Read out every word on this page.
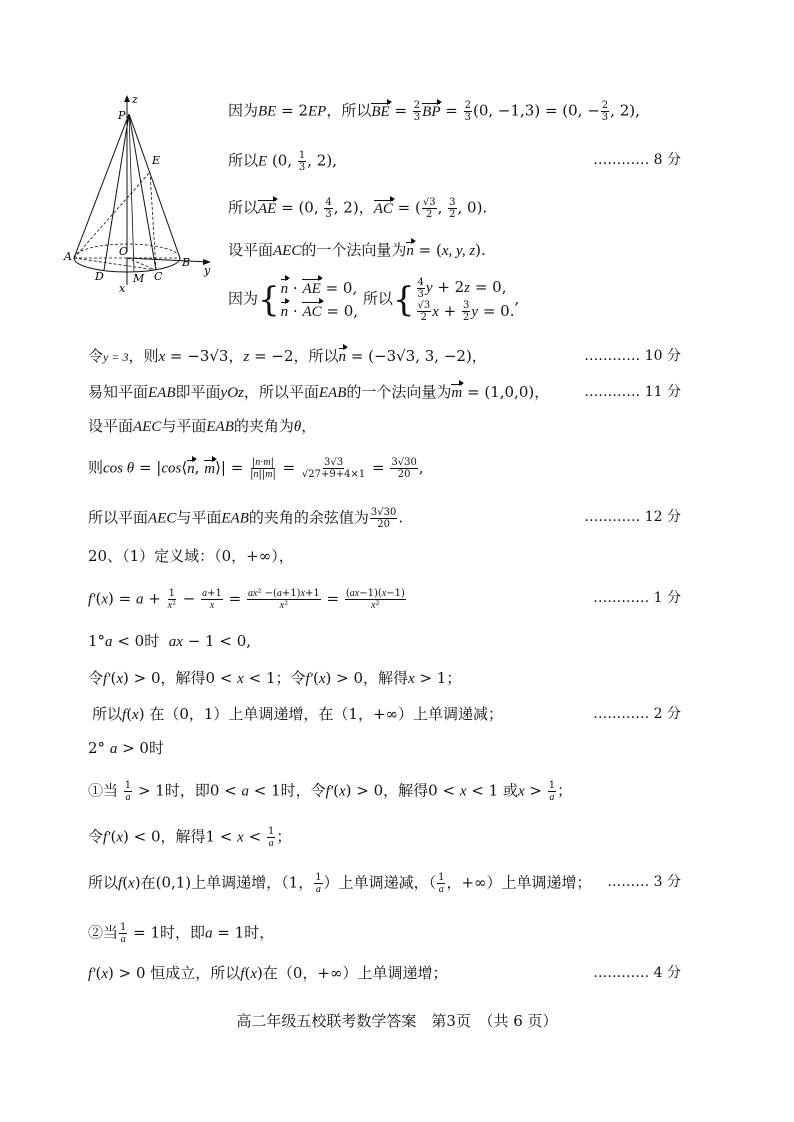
z
P
E
O
A	B
y
D	M C
x
因为BE = 2EP，所以BE = $\frac{2}{3}$ BP = $\frac{2}{3} (0$, −1,3) = (0, − $\frac{2}{3}$ , 2),
所以E (0, $\frac{1}{3}$ , 2),	………… 8 分
所以AE = (0, $\frac{4}{3}$ , 2)，AC = ( $\frac{√3}{2}$ , $\frac{3}{2}$ , 0).
设平面AEC的一个法向量为n = (x, y, z).
因为 { n · AE = 0,
n · AC = 0,
所以 { $\frac{4}{3}$ y + 2z = 0,
$\frac{√3}{2}$ $x + \frac{3}{2}$ y = 0.
,
令y = 3，则x = −3√3，z = −2，所以n = (−3√3, 3, −2)，	………… 10 分
易知平面EAB即平面yOz，所以平面EAB的一个法向量为m = (1,0,0)，	………… 11 分
设平面AEC与平面EAB的夹角为θ，
则cos θ = |cos⟨n, m⟩| = $\frac{|n\cdot m|}{|n||m|} = \frac{3√3}{√27+9+4\times 1} = \frac{3√30}{20}$ ,
所以平面AEC与平面EAB的夹角的余弦值为 $\frac{3√30}{20}$ .	………… 12 分
20、（1）定义域：（0，+∞），
$f'(x) = a + \frac{1}{\text{x²}} - \frac{a+1}{x} = \frac{\text{ax² −(a+1)x+1}}{\text{x²}} = \frac{(ax-1)(x-1)}{\text{x²}}$	………… 1 分
1°a < 0时 ax − 1 < 0,
令f′(x) > 0，解得0 < x < 1；令f′(x) > 0，解得x > 1；
所以f(x) 在（0，1）上单调递增，在（1，+∞）上单调递减；	………… 2 分
2° a > 0时
①当 $\frac{1}{a} > 1$时，即0 < a < 1时，令f′(x) > 0，解得0 < x < 1 或$x > \frac{1}{a}$ ；
令f′(x) < 0，解得$1 < x < \frac{1}{a}$ ；
所以f(x)在(0,1)上单调递增，（1， $\frac{1}{a}$ ）上单调递减，（ $\frac{1}{a}$ ，+∞）上单调递增； ……… 3 分
②当 $\frac{1}{a} = 1$时，即a = 1时，
f′(x) > 0 恒成立，所以f(x)在（0，+∞）上单调递增；	………… 4 分
高二年级五校联考数学答案　第3页　（共 6 页）
